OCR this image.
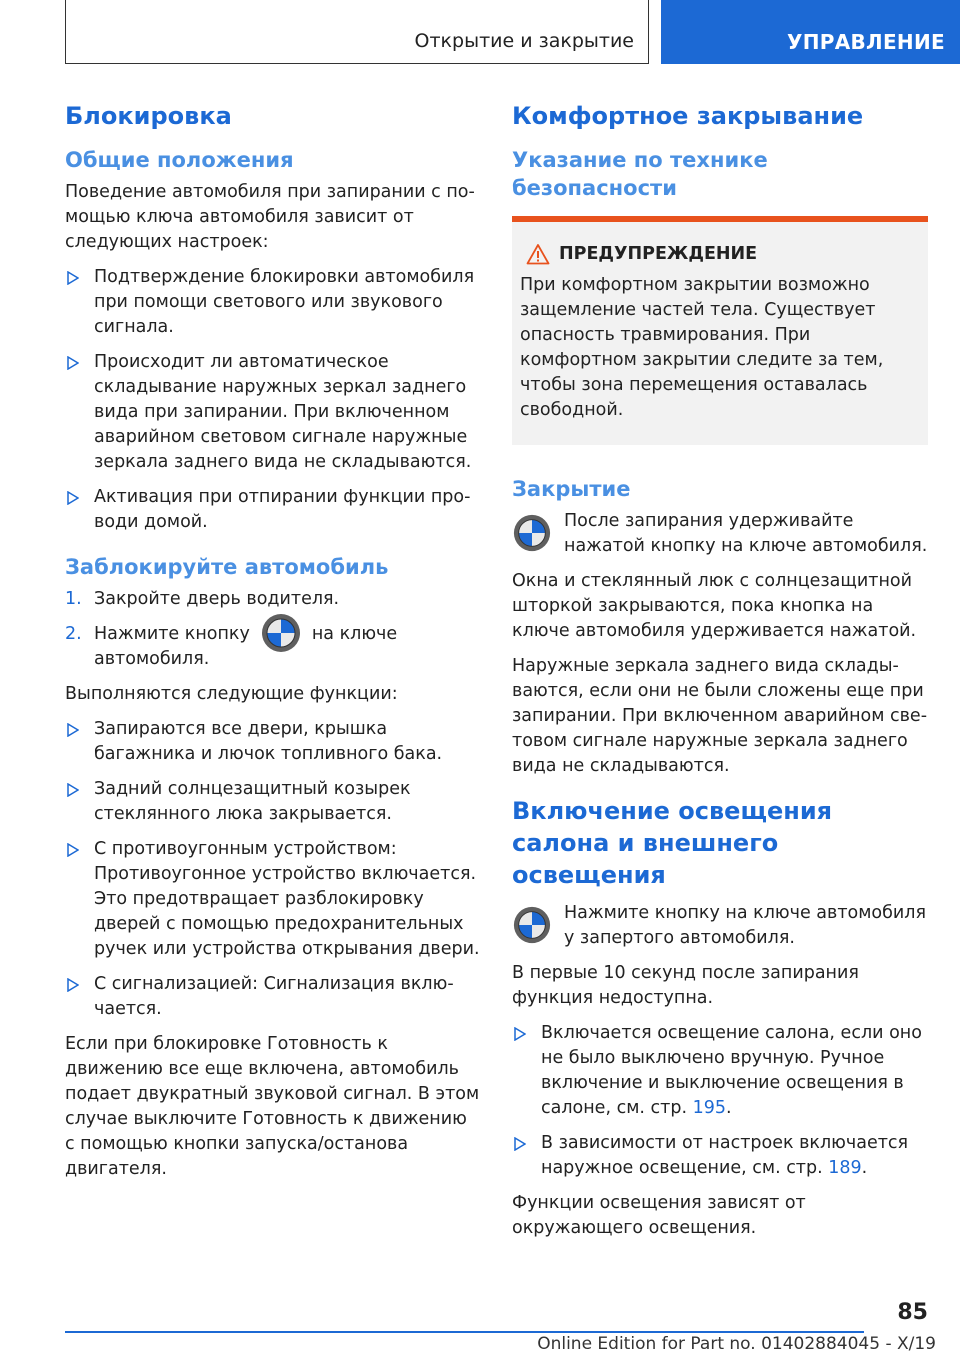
Открытие и закрытие	УПРАВЛЕНИЕ
Блокировка
Общие положения

Поведение автомобиля при запирании с помощью ключа автомобиля зависит от следующих настроек:

Подтверждение блокировки автомобиля при помощи светового или звукового сигнала.
Происходит ли автоматическое складывание наружных зеркал заднего вида при запирании. При включенном аварийном световом сигнале наружные зеркала заднего вида не складываются.
Активация при отпирании функции проводи домой.
Заблокируйте автомобиль
1. Закройте дверь водителя.
2. Нажмите кнопку	на ключе автомобиля.

Выполняются следующие функции:

Запираются все двери, крышка багажника и лючок топливного бака.
Задний солнцезащитный козырек стеклянного люка закрывается.
С противоугонным устройством: Противоугонное устройство включается. Это предотвращает разблокировку дверей с помощью предохранительных ручек или устройства открывания двери.
С сигнализацией: Сигнализация включается.

Если при блокировке Готовность к движению все еще включена, автомобиль подает двукратный звуковой сигнал. В этом случае выключите Готовность к движению с помощью кнопки запуска/останова двигателя.

Комфортное закрывание
Указание по технике безопасности
ПРЕДУПРЕЖДЕНИЕ

При комфортном закрытии возможно защемление частей тела. Существует опасность травмирования. При комфортном закрытии следите за тем, чтобы зона перемещения оставалась свободной.

Закрытие

После запирания удерживайте нажатой кнопку на ключе автомобиля.

Окна и стеклянный люк с солнцезащитной шторкой закрываются, пока кнопка на ключе автомобиля удерживается нажатой.

Наружные зеркала заднего вида складываются, если они не были сложены еще при запирании. При включенном аварийном световом сигнале наружные зеркала заднего вида не складываются.

Включение освещения салона и внешнего освещения

Нажмите кнопку на ключе автомобиля у запертого автомобиля.

В первые 10 секунд после запирания функция недоступна.

Включается освещение салона, если оно не было выключено вручную. Ручное включение и выключение освещения в салоне, см. стр. 195.
В зависимости от настроек включается наружное освещение, см. стр. 189.

Функции освещения зависят от окружающего освещения.

85
Online Edition for Part no. 01402884045 - X/19
